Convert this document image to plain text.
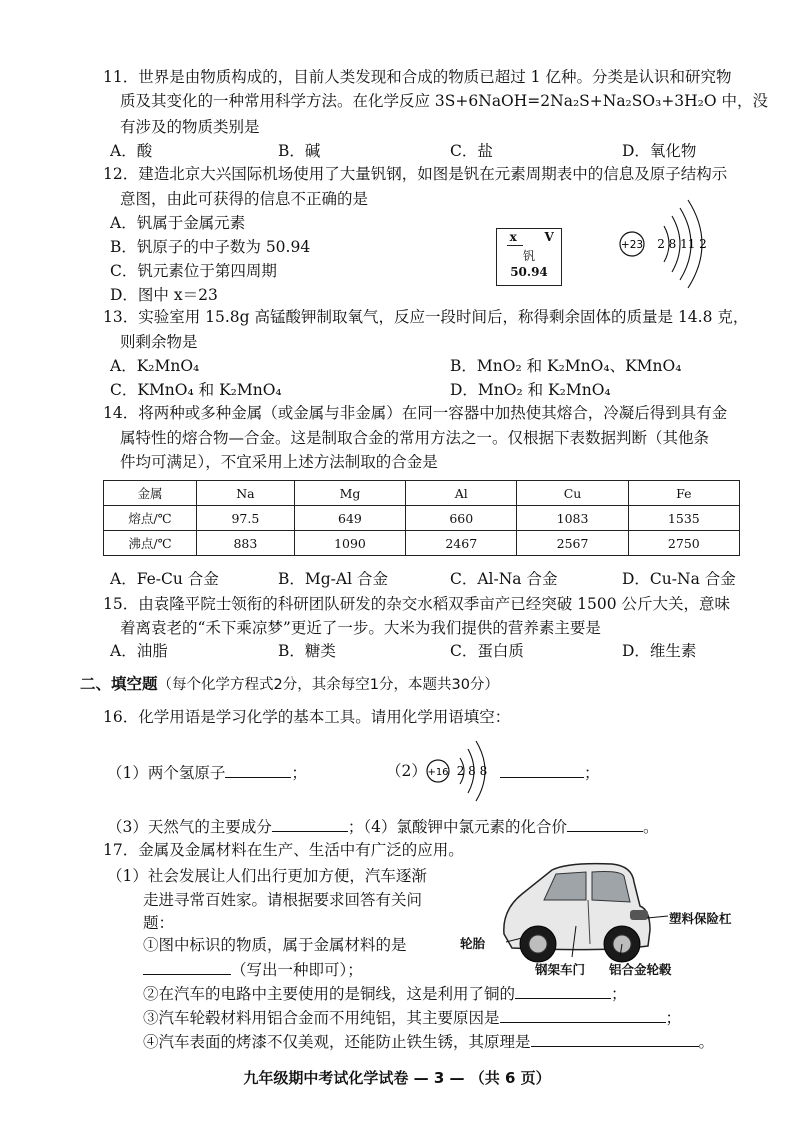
11．世界是由物质构成的，目前人类发现和合成的物质已超过 1 亿种。分类是认识和研究物
质及其变化的一种常用科学方法。在化学反应 3S+6NaOH=2Na₂S+Na₂SO₃+3H₂O 中，没
有涉及的物质类别是
A．酸	B．碱	C．盐	D．氧化物
12．建造北京大兴国际机场使用了大量钒钢，如图是钒在元素周期表中的信息及原子结构示
意图，由此可获得的信息不正确的是
A．钒属于金属元素
B．钒原子的中子数为 50.94
C．钒元素位于第四周期
D．图中 x＝23
x V
钒
50.94
+23 2 8 11 2
13．实验室用 15.8g 高锰酸钾制取氧气，反应一段时间后，称得剩余固体的质量是 14.8 克，
则剩余物是
A．K₂MnO₄	B．MnO₂ 和 K₂MnO₄、KMnO₄
C．KMnO₄ 和 K₂MnO₄	D．MnO₂ 和 K₂MnO₄
14．将两种或多种金属（或金属与非金属）在同一容器中加热使其熔合，冷凝后得到具有金
属特性的熔合物—合金。这是制取合金的常用方法之一。仅根据下表数据判断（其他条
件均可满足），不宜采用上述方法制取的合金是
金属	Na	Mg	Al	Cu	Fe
熔点/℃	97.5	649	660	1083	1535
沸点/℃	883	1090	2467	2567	2750
A．Fe-Cu 合金	B．Mg-Al 合金	C．Al-Na 合金	D．Cu-Na 合金
15．由袁隆平院士领衔的科研团队研发的杂交水稻双季亩产已经突破 1500 公斤大关，意味
着离袁老的“禾下乘凉梦”更近了一步。大米为我们提供的营养素主要是
A．油脂	B．糖类	C．蛋白质	D．维生素
二、填空题（每个化学方程式2分，其余每空1分，本题共30分）
16．化学用语是学习化学的基本工具。请用化学用语填空：
（1）两个氢原子	；	（2） +16 2 8 8	；
（3）天然气的主要成分	；（4）氯酸钾中氯元素的化合价	。
17．金属及金属材料在生产、生活中有广泛的应用。
（1）社会发展让人们出行更加方便，汽车逐渐
走进寻常百姓家。请根据要求回答有关问
题：
①图中标识的物质，属于金属材料的是
（写出一种即可）；
②在汽车的电路中主要使用的是铜线，这是利用了铜的	；
③汽车轮毂材料用铝合金而不用纯铝，其主要原因是	；
④汽车表面的烤漆不仅美观，还能防止铁生锈，其原理是	。
塑料保险杠
轮胎
钢架车门 铝合金轮毂
九年级期中考试化学试卷 — 3 — （共 6 页）
